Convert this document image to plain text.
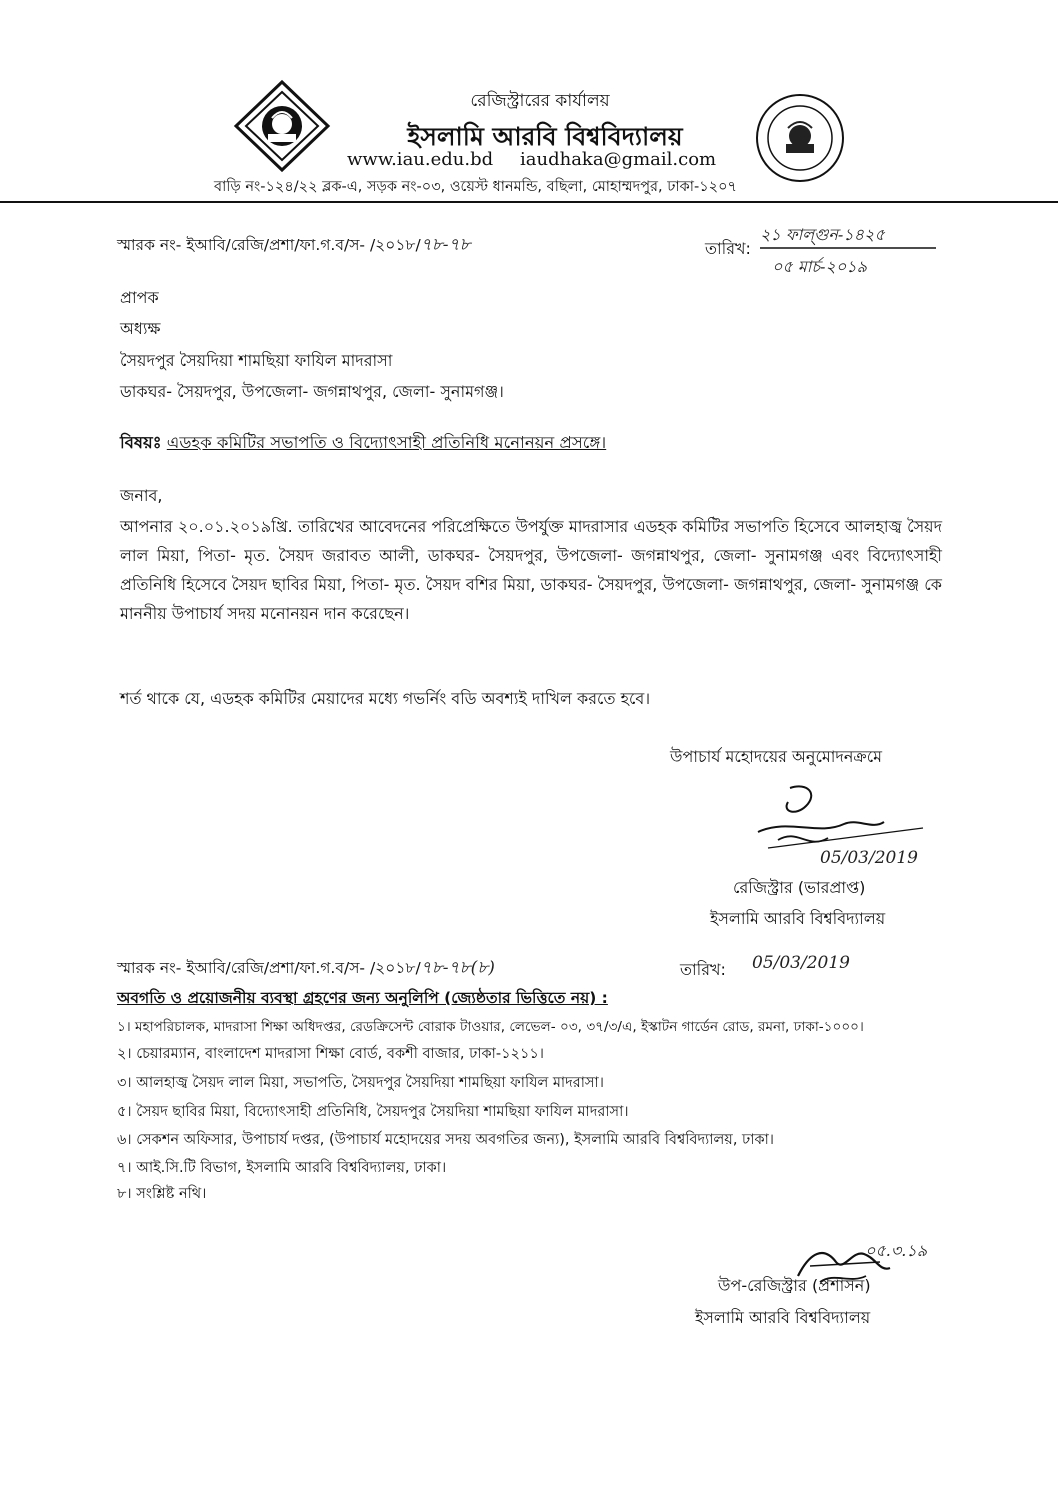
রেজিস্ট্রারের কার্যালয়
ইসলামি আরবি বিশ্ববিদ্যালয়
www.iau.edu.bd iaudhaka@gmail.com
বাড়ি নং-১২৪/২২ ব্লক-এ, সড়ক নং-০৩, ওয়েস্ট ধানমন্ডি, বছিলা, মোহাম্মদপুর, ঢাকা-১২০৭
স্মারক নং- ইআবি/রেজি/প্রশা/ফা.গ.ব/স- /২০১৮/৭৮-৭৮	তারিখ:
২১ ফাল্গুন-১৪২৫
০৫ মার্চ-২০১৯
প্রাপক
অধ্যক্ষ
সৈয়দপুর সৈয়দিয়া শামছিয়া ফাযিল মাদরাসা
ডাকঘর- সৈয়দপুর, উপজেলা- জগন্নাথপুর, জেলা- সুনামগঞ্জ।
বিষয়ঃ এডহক কমিটির সভাপতি ও বিদ্যোৎসাহী প্রতিনিধি মনোনয়ন প্রসঙ্গে।
জনাব,
আপনার ২০.০১.২০১৯খ্রি. তারিখের আবেদনের পরিপ্রেক্ষিতে উপর্যুক্ত মাদরাসার এডহক কমিটির সভাপতি হিসেবে আলহাজ্ব সৈয়দ লাল মিয়া, পিতা- মৃত. সৈয়দ জরাবত আলী, ডাকঘর- সৈয়দপুর, উপজেলা- জগন্নাথপুর, জেলা- সুনামগঞ্জ এবং বিদ্যোৎসাহী প্রতিনিধি হিসেবে সৈয়দ ছাবির মিয়া, পিতা- মৃত. সৈয়দ বশির মিয়া, ডাকঘর- সৈয়দপুর, উপজেলা- জগন্নাথপুর, জেলা- সুনামগঞ্জ কে মাননীয় উপাচার্য সদয় মনোনয়ন দান করেছেন।
শর্ত থাকে যে, এডহক কমিটির মেয়াদের মধ্যে গভর্নিং বডি অবশ্যই দাখিল করতে হবে।
উপাচার্য মহোদয়ের অনুমোদনক্রমে
05/03/2019
রেজিস্ট্রার (ভারপ্রাপ্ত)
ইসলামি আরবি বিশ্ববিদ্যালয়
স্মারক নং- ইআবি/রেজি/প্রশা/ফা.গ.ব/স- /২০১৮/৭৮-৭৮(৮)	তারিখ: 05/03/2019
অবগতি ও প্রয়োজনীয় ব্যবস্থা গ্রহণের জন্য অনুলিপি (জ্যেষ্ঠতার ভিত্তিতে নয়) :
১। মহাপরিচালক, মাদরাসা শিক্ষা অধিদপ্তর, রেডক্রিসেন্ট বোরাক টাওয়ার, লেভেল- ০৩, ৩৭/৩/এ, ইস্কাটন গার্ডেন রোড, রমনা, ঢাকা-১০০০।
২। চেয়ারম্যান, বাংলাদেশ মাদরাসা শিক্ষা বোর্ড, বকশী বাজার, ঢাকা-১২১১।
৩। আলহাজ্ব সৈয়দ লাল মিয়া, সভাপতি, সৈয়দপুর সৈয়দিয়া শামছিয়া ফাযিল মাদরাসা।
৫। সৈয়দ ছাবির মিয়া, বিদ্যোৎসাহী প্রতিনিধি, সৈয়দপুর সৈয়দিয়া শামছিয়া ফাযিল মাদরাসা।
৬। সেকশন অফিসার, উপাচার্য দপ্তর, (উপাচার্য মহোদয়ের সদয় অবগতির জন্য), ইসলামি আরবি বিশ্ববিদ্যালয়, ঢাকা।
৭। আই.সি.টি বিভাগ, ইসলামি আরবি বিশ্ববিদ্যালয়, ঢাকা।
৮। সংশ্লিষ্ট নথি।
০৫.৩.১৯
উপ-রেজিস্ট্রার (প্রশাসন)
ইসলামি আরবি বিশ্ববিদ্যালয়
